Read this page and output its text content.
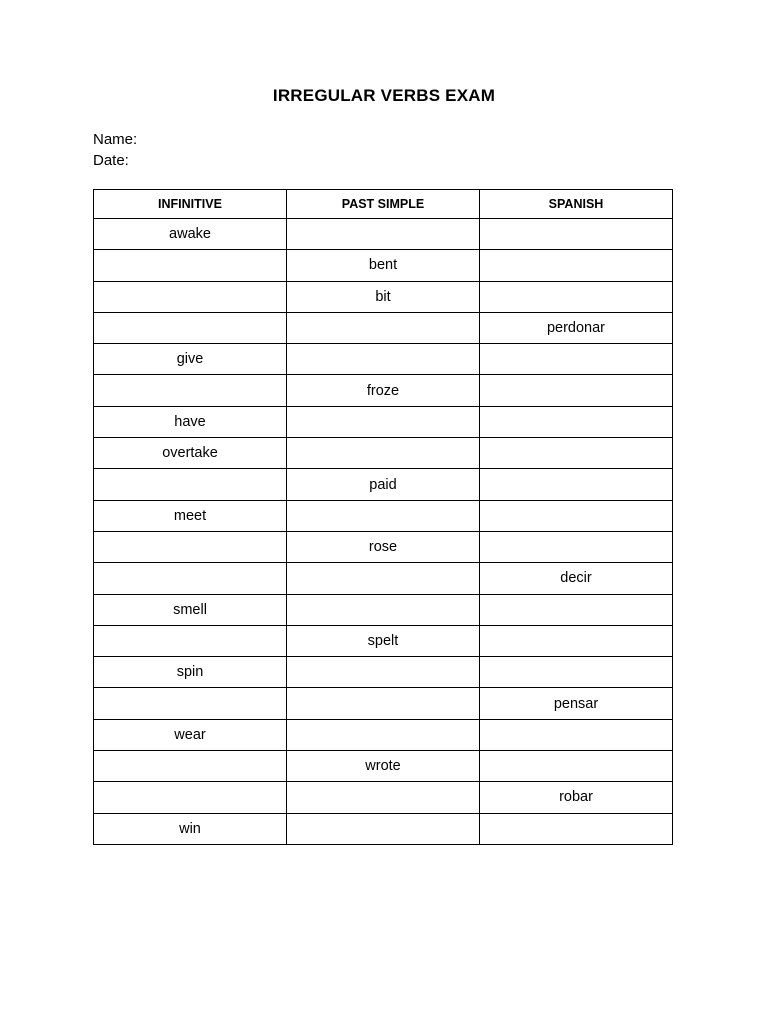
IRREGULAR VERBS EXAM
Name:
Date:
INFINITIVE	PAST SIMPLE	SPANISH
awake		
	bent	
	bit	
		perdonar
give		
	froze	
have		
overtake		
	paid	
meet		
	rose	
		decir
smell		
	spelt	
spin		
		pensar
wear		
	wrote	
		robar
win		
